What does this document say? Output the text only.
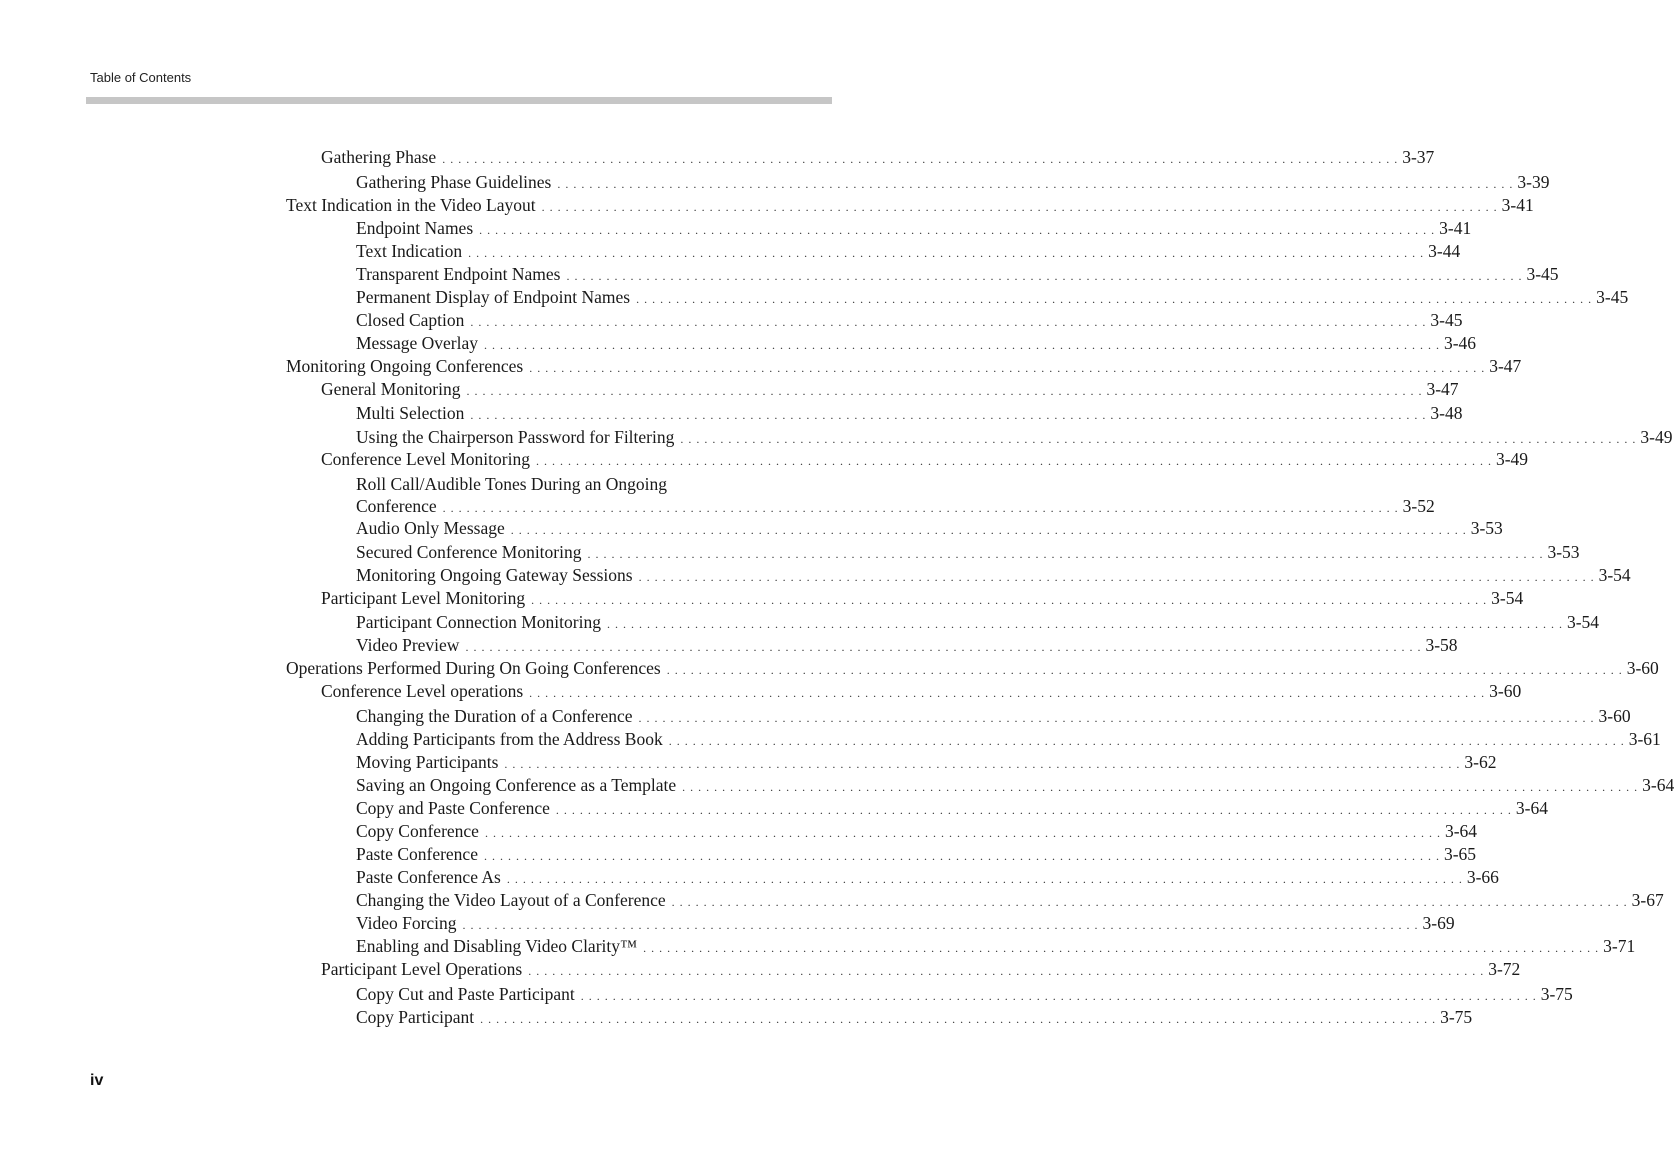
Table of Contents
Gathering Phase . . . . . . . . . . . . . . . . . . . . . . . . . . . . . . . . . . . . . . . . . . . . . . . . . . . . . . . . . . . . . . . . . . . . . . . . . . . . . . . . . . . . . . . . . . . . . . . . . . . . . . . . . . . . . . . . . . . . . . . . 3-37
Gathering Phase Guidelines . . . . . . . . . . . . . . . . . . . . . . . . . . . . . . . . . . . . . . . . . . . . . . . . . . . . . . . . . . . . . . . . . . . . . . . . . . . . . . . . . . . . . . . . . . . . . . . . . . . . . . . . . . . . . . . . . . . . . . . . 3-39
Text Indication in the Video Layout . . . . . . . . . . . . . . . . . . . . . . . . . . . . . . . . . . . . . . . . . . . . . . . . . . . . . . . . . . . . . . . . . . . . . . . . . . . . . . . . . . . . . . . . . . . . . . . . . . . . . . . . . . . . . . . . . . . . . . . . 3-41
Endpoint Names . . . . . . . . . . . . . . . . . . . . . . . . . . . . . . . . . . . . . . . . . . . . . . . . . . . . . . . . . . . . . . . . . . . . . . . . . . . . . . . . . . . . . . . . . . . . . . . . . . . . . . . . . . . . . . . . . . . . . . . . 3-41
Text Indication . . . . . . . . . . . . . . . . . . . . . . . . . . . . . . . . . . . . . . . . . . . . . . . . . . . . . . . . . . . . . . . . . . . . . . . . . . . . . . . . . . . . . . . . . . . . . . . . . . . . . . . . . . . . . . . . . . . . . . . . 3-44
Transparent Endpoint Names . . . . . . . . . . . . . . . . . . . . . . . . . . . . . . . . . . . . . . . . . . . . . . . . . . . . . . . . . . . . . . . . . . . . . . . . . . . . . . . . . . . . . . . . . . . . . . . . . . . . . . . . . . . . . . . . . . . . . . . . 3-45
Permanent Display of Endpoint Names . . . . . . . . . . . . . . . . . . . . . . . . . . . . . . . . . . . . . . . . . . . . . . . . . . . . . . . . . . . . . . . . . . . . . . . . . . . . . . . . . . . . . . . . . . . . . . . . . . . . . . . . . . . . . . . . . . . . . . . . 3-45
Closed Caption . . . . . . . . . . . . . . . . . . . . . . . . . . . . . . . . . . . . . . . . . . . . . . . . . . . . . . . . . . . . . . . . . . . . . . . . . . . . . . . . . . . . . . . . . . . . . . . . . . . . . . . . . . . . . . . . . . . . . . . . 3-45
Message Overlay . . . . . . . . . . . . . . . . . . . . . . . . . . . . . . . . . . . . . . . . . . . . . . . . . . . . . . . . . . . . . . . . . . . . . . . . . . . . . . . . . . . . . . . . . . . . . . . . . . . . . . . . . . . . . . . . . . . . . . . . 3-46
Monitoring Ongoing Conferences . . . . . . . . . . . . . . . . . . . . . . . . . . . . . . . . . . . . . . . . . . . . . . . . . . . . . . . . . . . . . . . . . . . . . . . . . . . . . . . . . . . . . . . . . . . . . . . . . . . . . . . . . . . . . . . . . . . . . . . . 3-47
General Monitoring . . . . . . . . . . . . . . . . . . . . . . . . . . . . . . . . . . . . . . . . . . . . . . . . . . . . . . . . . . . . . . . . . . . . . . . . . . . . . . . . . . . . . . . . . . . . . . . . . . . . . . . . . . . . . . . . . . . . . . . . 3-47
Multi Selection . . . . . . . . . . . . . . . . . . . . . . . . . . . . . . . . . . . . . . . . . . . . . . . . . . . . . . . . . . . . . . . . . . . . . . . . . . . . . . . . . . . . . . . . . . . . . . . . . . . . . . . . . . . . . . . . . . . . . . . . 3-48
Using the Chairperson Password for Filtering . . . . . . . . . . . . . . . . . . . . . . . . . . . . . . . . . . . . . . . . . . . . . . . . . . . . . . . . . . . . . . . . . . . . . . . . . . . . . . . . . . . . . . . . . . . . . . . . . . . . . . . . . . . . . . . . . . . . . . . . 3-49
Conference Level Monitoring . . . . . . . . . . . . . . . . . . . . . . . . . . . . . . . . . . . . . . . . . . . . . . . . . . . . . . . . . . . . . . . . . . . . . . . . . . . . . . . . . . . . . . . . . . . . . . . . . . . . . . . . . . . . . . . . . . . . . . . . 3-49
Roll Call/Audible Tones During an Ongoing
Conference . . . . . . . . . . . . . . . . . . . . . . . . . . . . . . . . . . . . . . . . . . . . . . . . . . . . . . . . . . . . . . . . . . . . . . . . . . . . . . . . . . . . . . . . . . . . . . . . . . . . . . . . . . . . . . . . . . . . . . . . 3-52
Audio Only Message . . . . . . . . . . . . . . . . . . . . . . . . . . . . . . . . . . . . . . . . . . . . . . . . . . . . . . . . . . . . . . . . . . . . . . . . . . . . . . . . . . . . . . . . . . . . . . . . . . . . . . . . . . . . . . . . . . . . . . . . 3-53
Secured Conference Monitoring . . . . . . . . . . . . . . . . . . . . . . . . . . . . . . . . . . . . . . . . . . . . . . . . . . . . . . . . . . . . . . . . . . . . . . . . . . . . . . . . . . . . . . . . . . . . . . . . . . . . . . . . . . . . . . . . . . . . . . . . 3-53
Monitoring Ongoing Gateway Sessions . . . . . . . . . . . . . . . . . . . . . . . . . . . . . . . . . . . . . . . . . . . . . . . . . . . . . . . . . . . . . . . . . . . . . . . . . . . . . . . . . . . . . . . . . . . . . . . . . . . . . . . . . . . . . . . . . . . . . . . . 3-54
Participant Level Monitoring . . . . . . . . . . . . . . . . . . . . . . . . . . . . . . . . . . . . . . . . . . . . . . . . . . . . . . . . . . . . . . . . . . . . . . . . . . . . . . . . . . . . . . . . . . . . . . . . . . . . . . . . . . . . . . . . . . . . . . . . 3-54
Participant Connection Monitoring . . . . . . . . . . . . . . . . . . . . . . . . . . . . . . . . . . . . . . . . . . . . . . . . . . . . . . . . . . . . . . . . . . . . . . . . . . . . . . . . . . . . . . . . . . . . . . . . . . . . . . . . . . . . . . . . . . . . . . . . 3-54
Video Preview . . . . . . . . . . . . . . . . . . . . . . . . . . . . . . . . . . . . . . . . . . . . . . . . . . . . . . . . . . . . . . . . . . . . . . . . . . . . . . . . . . . . . . . . . . . . . . . . . . . . . . . . . . . . . . . . . . . . . . . . 3-58
Operations Performed During On Going Conferences . . . . . . . . . . . . . . . . . . . . . . . . . . . . . . . . . . . . . . . . . . . . . . . . . . . . . . . . . . . . . . . . . . . . . . . . . . . . . . . . . . . . . . . . . . . . . . . . . . . . . . . . . . . . . . . . . . . . . . . . 3-60
Conference Level operations . . . . . . . . . . . . . . . . . . . . . . . . . . . . . . . . . . . . . . . . . . . . . . . . . . . . . . . . . . . . . . . . . . . . . . . . . . . . . . . . . . . . . . . . . . . . . . . . . . . . . . . . . . . . . . . . . . . . . . . . 3-60
Changing the Duration of a Conference . . . . . . . . . . . . . . . . . . . . . . . . . . . . . . . . . . . . . . . . . . . . . . . . . . . . . . . . . . . . . . . . . . . . . . . . . . . . . . . . . . . . . . . . . . . . . . . . . . . . . . . . . . . . . . . . . . . . . . . . 3-60
Adding Participants from the Address Book . . . . . . . . . . . . . . . . . . . . . . . . . . . . . . . . . . . . . . . . . . . . . . . . . . . . . . . . . . . . . . . . . . . . . . . . . . . . . . . . . . . . . . . . . . . . . . . . . . . . . . . . . . . . . . . . . . . . . . . . 3-61
Moving Participants . . . . . . . . . . . . . . . . . . . . . . . . . . . . . . . . . . . . . . . . . . . . . . . . . . . . . . . . . . . . . . . . . . . . . . . . . . . . . . . . . . . . . . . . . . . . . . . . . . . . . . . . . . . . . . . . . . . . . . . . 3-62
Saving an Ongoing Conference as a Template . . . . . . . . . . . . . . . . . . . . . . . . . . . . . . . . . . . . . . . . . . . . . . . . . . . . . . . . . . . . . . . . . . . . . . . . . . . . . . . . . . . . . . . . . . . . . . . . . . . . . . . . . . . . . . . . . . . . . . . . 3-64
Copy and Paste Conference . . . . . . . . . . . . . . . . . . . . . . . . . . . . . . . . . . . . . . . . . . . . . . . . . . . . . . . . . . . . . . . . . . . . . . . . . . . . . . . . . . . . . . . . . . . . . . . . . . . . . . . . . . . . . . . . . . . . . . . . 3-64
Copy Conference . . . . . . . . . . . . . . . . . . . . . . . . . . . . . . . . . . . . . . . . . . . . . . . . . . . . . . . . . . . . . . . . . . . . . . . . . . . . . . . . . . . . . . . . . . . . . . . . . . . . . . . . . . . . . . . . . . . . . . . . 3-64
Paste Conference . . . . . . . . . . . . . . . . . . . . . . . . . . . . . . . . . . . . . . . . . . . . . . . . . . . . . . . . . . . . . . . . . . . . . . . . . . . . . . . . . . . . . . . . . . . . . . . . . . . . . . . . . . . . . . . . . . . . . . . . 3-65
Paste Conference As . . . . . . . . . . . . . . . . . . . . . . . . . . . . . . . . . . . . . . . . . . . . . . . . . . . . . . . . . . . . . . . . . . . . . . . . . . . . . . . . . . . . . . . . . . . . . . . . . . . . . . . . . . . . . . . . . . . . . . . . 3-66
Changing the Video Layout of a Conference . . . . . . . . . . . . . . . . . . . . . . . . . . . . . . . . . . . . . . . . . . . . . . . . . . . . . . . . . . . . . . . . . . . . . . . . . . . . . . . . . . . . . . . . . . . . . . . . . . . . . . . . . . . . . . . . . . . . . . . . 3-67
Video Forcing . . . . . . . . . . . . . . . . . . . . . . . . . . . . . . . . . . . . . . . . . . . . . . . . . . . . . . . . . . . . . . . . . . . . . . . . . . . . . . . . . . . . . . . . . . . . . . . . . . . . . . . . . . . . . . . . . . . . . . . . 3-69
Enabling and Disabling Video Clarity™ . . . . . . . . . . . . . . . . . . . . . . . . . . . . . . . . . . . . . . . . . . . . . . . . . . . . . . . . . . . . . . . . . . . . . . . . . . . . . . . . . . . . . . . . . . . . . . . . . . . . . . . . . . . . . . . . . . . . . . . . 3-71
Participant Level Operations . . . . . . . . . . . . . . . . . . . . . . . . . . . . . . . . . . . . . . . . . . . . . . . . . . . . . . . . . . . . . . . . . . . . . . . . . . . . . . . . . . . . . . . . . . . . . . . . . . . . . . . . . . . . . . . . . . . . . . . . 3-72
Copy Cut and Paste Participant . . . . . . . . . . . . . . . . . . . . . . . . . . . . . . . . . . . . . . . . . . . . . . . . . . . . . . . . . . . . . . . . . . . . . . . . . . . . . . . . . . . . . . . . . . . . . . . . . . . . . . . . . . . . . . . . . . . . . . . . 3-75
Copy Participant . . . . . . . . . . . . . . . . . . . . . . . . . . . . . . . . . . . . . . . . . . . . . . . . . . . . . . . . . . . . . . . . . . . . . . . . . . . . . . . . . . . . . . . . . . . . . . . . . . . . . . . . . . . . . . . . . . . . . . . . 3-75
iv
